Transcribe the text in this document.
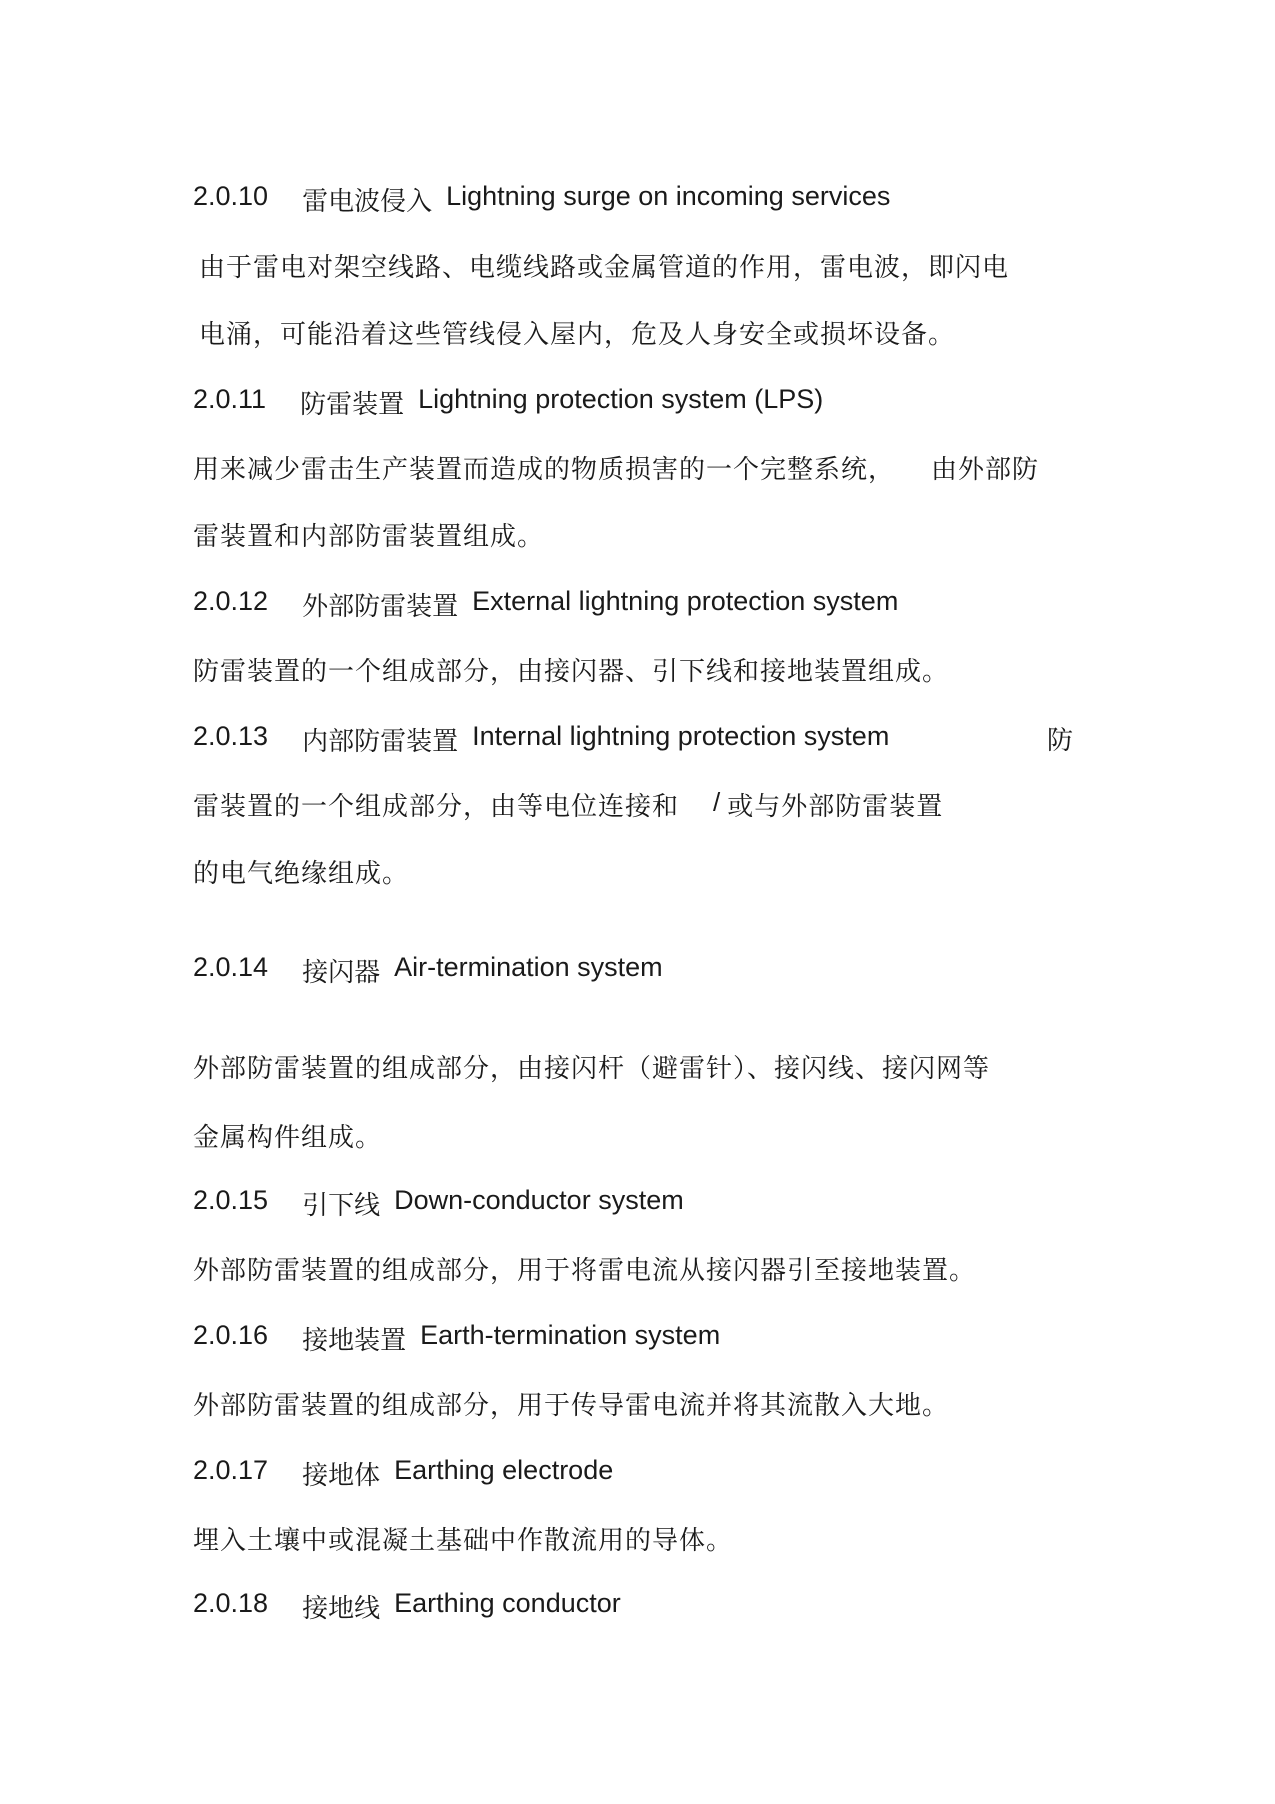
2.0.10 雷电波侵入 Lightning surge on incoming services
由于雷电对架空线路、电缆线路或金属管道的作用，雷电波，即闪电
电涌，可能沿着这些管线侵入屋内，危及人身安全或损坏设备。
2.0.11 防雷装置 Lightning protection system (LPS)
用来减少雷击生产装置而造成的物质损害的一个完整系统， 由外部防
雷装置和内部防雷装置组成。
2.0.12 外部防雷装置 External lightning protection system
防雷装置的一个组成部分，由接闪器、引下线和接地装置组成。
2.0.13 内部防雷装置 Internal lightning protection system	防
雷装置的一个组成部分，由等电位连接和 / 或与外部防雷装置
的电气绝缘组成。
2.0.14 接闪器 Air-termination system
外部防雷装置的组成部分，由接闪杆（避雷针）、接闪线、接闪网等
金属构件组成。
2.0.15 引下线 Down-conductor system
外部防雷装置的组成部分，用于将雷电流从接闪器引至接地装置。
2.0.16 接地装置 Earth-termination system
外部防雷装置的组成部分，用于传导雷电流并将其流散入大地。
2.0.17 接地体 Earthing electrode
埋入土壤中或混凝土基础中作散流用的导体。
2.0.18 接地线 Earthing conductor
